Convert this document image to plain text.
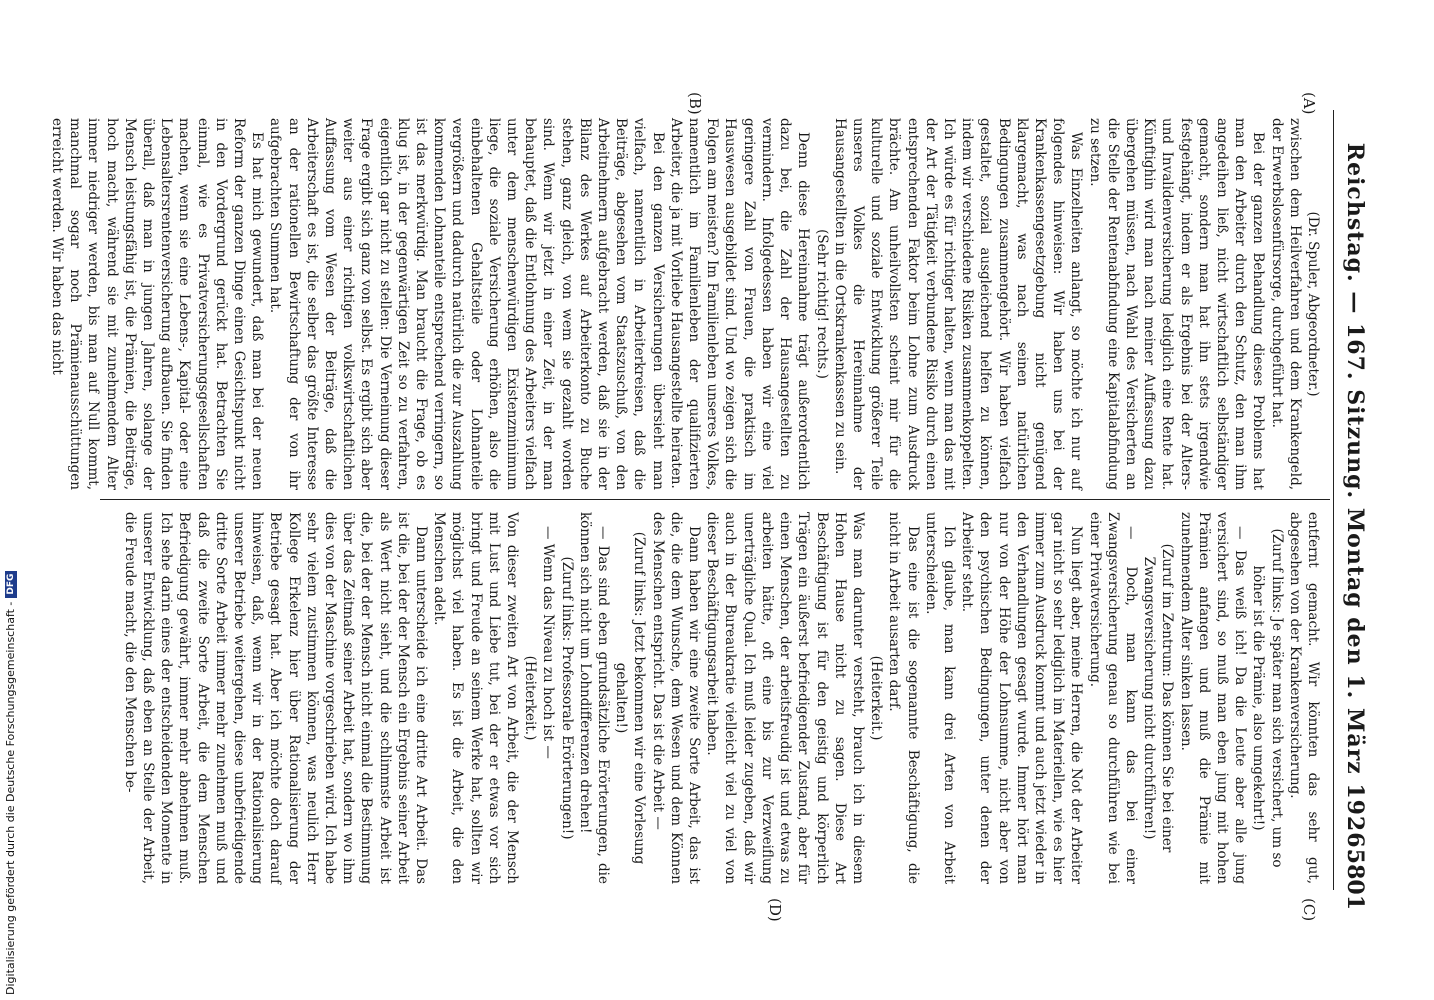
Reichstag. — 167. Sitzung. Montag den 1. März 1926.
5801
(A)
(B)
(C)
(D)

(Dr. Spuler, Abgeordneter.)

zwischen dem Heilverfahren und dem Krankengeld, der Erwerbslosenfürsorge, durchgeführt hat.

Bei der ganzen Behandlung dieses Problems hat man den Arbeiter durch den Schutz, den man ihm angedeihen ließ, nicht wirtschaftlich selbständiger gemacht, sondern man hat ihn stets irgendwie festgehängt, indem er als Ergebnis bei der Alters- und Invalidenversicherung lediglich eine Rente hat. Künftighin wird man nach meiner Auffassung dazu übergehen müssen, nach Wahl des Versicherten an die Stelle der Rentenabfindung eine Kapitalabfindung zu setzen.

Was Einzelheiten anlangt, so möchte ich nur auf folgendes hinweisen: Wir haben uns bei der Krankenkassengesetzgebung nicht genügend klargemacht, was nach seinen natürlichen Bedingungen zusammengehört. Wir haben vielfach gestaltet, sozial ausgleichend helfen zu können, indem wir verschiedene Risiken zusammenkoppelten. Ich würde es für richtiger halten, wenn man das mit der Art der Tätigkeit verbundene Risiko durch einen entsprechenden Faktor beim Lohne zum Ausdruck brächte. Am unheilvollsten scheint mir für die kulturelle und soziale Entwicklung größerer Teile unseres Volkes die Hereinnahme der Hausangestellten in die Ortskrankenkassen zu sein.

(Sehr richtig! rechts.)

Denn diese Hereinnahme trägt außerordentlich dazu bei, die Zahl der Hausangestellten zu vermindern. Infolgedessen haben wir eine viel geringere Zahl von Frauen, die praktisch im Hauswesen ausgebildet sind. Und wo zeigen sich die Folgen am meisten? Im Familienleben unseres Volkes, namentlich im Familienleben der qualifizierten Arbeiter, die ja mit Vorliebe Hausangestellte heiraten.

Bei den ganzen Versicherungen übersieht man vielfach, namentlich in Arbeiterkreisen, daß die Beiträge, abgesehen vom Staatszuschuß, von den Arbeitnehmern aufgebracht werden, daß sie in der Bilanz des Werkes auf Arbeiterkonto zu Buche stehen, ganz gleich, von wem sie gezahlt worden sind. Wenn wir jetzt in einer Zeit, in der man behauptet, daß die Entlohnung des Arbeiters vielfach unter dem menschenwürdigen Existenzminimum liege, die soziale Versicherung erhöhen, also die einbehaltenen Gehaltsteile oder Lohnanteile vergrößern und dadurch natürlich die zur Auszahlung kommenden Lohnanteile entsprechend verringern, so ist das merkwürdig. Man braucht die Frage, ob es klug ist, in der gegenwärtigen Zeit so zu verfahren, eigentlich gar nicht zu stellen: Die Verneinung dieser Frage ergibt sich ganz von selbst. Es ergibt sich aber weiter aus einer richtigen volkswirtschaftlichen Auffassung vom Wesen der Beiträge, daß die Arbeiterschaft es ist, die selber das größte Interesse an der rationellen Bewirtschaftung der von ihr aufgebrachten Summen hat.

Es hat mich gewundert, daß man bei der neuen Reform der ganzen Dinge einen Gesichtspunkt nicht in den Vordergrund gerückt hat. Betrachten Sie einmal, wie es Privatversicherungsgesellschaften machen, wenn sie eine Lebens-, Kapital- oder eine Lebensaltersrentenversicherung aufbauen. Sie finden überall, daß man in jungen Jahren, solange der Mensch leistungsfähig ist, die Prämien, die Beiträge, hoch macht, während sie mit zunehmendem Alter immer niedriger werden, bis man auf Null kommt, manchmal sogar noch Prämienausschüttungen erreicht werden. Wir haben das nicht

entfernt gemacht. Wir könnten das sehr gut, abgesehen von der Krankenversicherung.

(Zuruf links: Je später man sich versichert, um so höher ist die Prämie, also umgekehrt!)

— Das weiß ich! Da die Leute aber alle jung versichert sind, so muß man eben jung mit hohen Prämien anfangen und muß die Prämie mit zunehmendem Alter sinken lassen.

(Zuruf im Zentrum: Das können Sie bei einer Zwangsversicherung nicht durchführen!)

— Doch, man kann das bei einer Zwangsversicherung genau so durchführen wie bei einer Privatversicherung.

Nun liegt aber, meine Herren, die Not der Arbeiter gar nicht so sehr lediglich im Materiellen, wie es hier immer zum Ausdruck kommt und auch jetzt wieder in den Verhandlungen gesagt wurde. Immer hört man nur von der Höhe der Lohnsumme, nicht aber von den psychischen Bedingungen, unter denen der Arbeiter steht.

Ich glaube, man kann drei Arten von Arbeit unterscheiden.

Das eine ist die sogenannte Beschäftigung, die nicht in Arbeit ausarten darf.

(Heiterkeit.)

Was man darunter versteht, brauch ich in diesem Hohen Hause nicht zu sagen. Diese Art Beschäftigung ist für den geistig und körperlich Trägen ein äußerst befriedigender Zustand, aber für einen Menschen, der arbeitsfreudig ist und etwas zu arbeiten hätte, oft eine bis zur Verzweiflung unerträgliche Qual. Ich muß leider zugeben, daß wir auch in der Bureaukratie vielleicht viel zu viel von dieser Beschäftigungsarbeit haben.

Dann haben wir eine zweite Sorte Arbeit, das ist die, die dem Wunsche, dem Wesen und dem Können des Menschen entspricht. Das ist die Arbeit —

(Zuruf links: Jetzt bekommen wir eine Vorlesung gehalten!)

— Das sind eben grundsätzliche Erörterungen, die können sich nicht um Lohndifferenzen drehen!

(Zuruf links: Professorale Erörterungen!)

— Wenn das Niveau zu hoch ist —

(Heiterkeit.)

Von dieser zweiten Art von Arbeit, die der Mensch mit Lust und Liebe tut, bei der er etwas vor sich bringt und Freude an seinem Werke hat, sollten wir möglichst viel haben. Es ist die Arbeit, die den Menschen adelt.

Dann unterscheide ich eine dritte Art Arbeit. Das ist die, bei der der Mensch ein Ergebnis seiner Arbeit als Wert nicht sieht, und die schlimmste Arbeit ist die, bei der der Mensch nicht einmal die Bestimmung über das Zeitmaß seiner Arbeit hat, sondern wo ihm dies von der Maschine vorgeschrieben wird. Ich habe sehr vielem zustimmen können, was neulich Herr Kollege Erkelenz hier über Rationalisierung der Betriebe gesagt hat. Aber ich möchte doch darauf hinweisen, daß, wenn wir in der Rationalisierung unserer Betriebe weitergehen, diese unbefriedigende dritte Sorte Arbeit immer mehr zunehmen muß und daß die zweite Sorte Arbeit, die dem Menschen Befriedigung gewährt, immer mehr abnehmen muß. Ich sehe darin eines der entscheidenden Momente in unserer Entwicklung, daß eben an Stelle der Arbeit, die Freude macht, die den Menschen be-

Digitalisierung gefördert durch die Deutsche Forschungsgemeinschaft -DFG
